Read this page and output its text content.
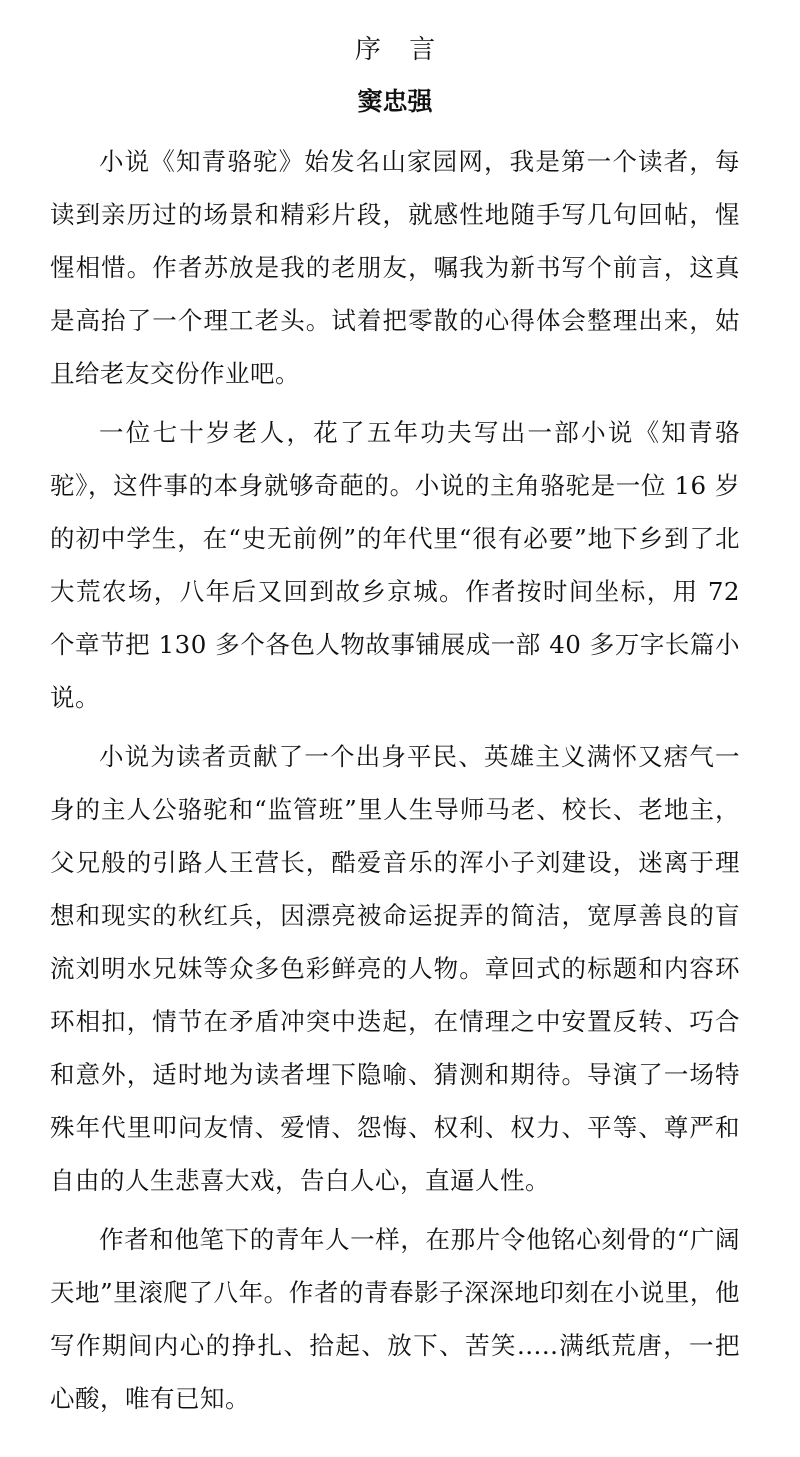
序 言
窦忠强

小说《知青骆驼》始发名山家园网，我是第一个读者，每读到亲历过的场景和精彩片段，就感性地随手写几句回帖，惺惺相惜。作者苏放是我的老朋友，嘱我为新书写个前言，这真是高抬了一个理工老头。试着把零散的心得体会整理出来，姑且给老友交份作业吧。

一位七十岁老人，花了五年功夫写出一部小说《知青骆驼》，这件事的本身就够奇葩的。小说的主角骆驼是一位 16 岁的初中学生，在“史无前例”的年代里“很有必要”地下乡到了北大荒农场，八年后又回到故乡京城。作者按时间坐标，用 72 个章节把 130 多个各色人物故事铺展成一部 40 多万字长篇小说。

小说为读者贡献了一个出身平民、英雄主义满怀又痞气一身的主人公骆驼和“监管班”里人生导师马老、校长、老地主，父兄般的引路人王营长，酷爱音乐的浑小子刘建设，迷离于理想和现实的秋红兵，因漂亮被命运捉弄的简洁，宽厚善良的盲流刘明水兄妹等众多色彩鲜亮的人物。章回式的标题和内容环环相扣，情节在矛盾冲突中迭起，在情理之中安置反转、巧合和意外，适时地为读者埋下隐喻、猜测和期待。导演了一场特殊年代里叩问友情、爱情、怨悔、权利、权力、平等、尊严和自由的人生悲喜大戏，告白人心，直逼人性。

作者和他笔下的青年人一样，在那片令他铭心刻骨的“广阔天地”里滚爬了八年。作者的青春影子深深地印刻在小说里，他写作期间内心的挣扎、拾起、放下、苦笑.....满纸荒唐，一把心酸，唯有已知。
